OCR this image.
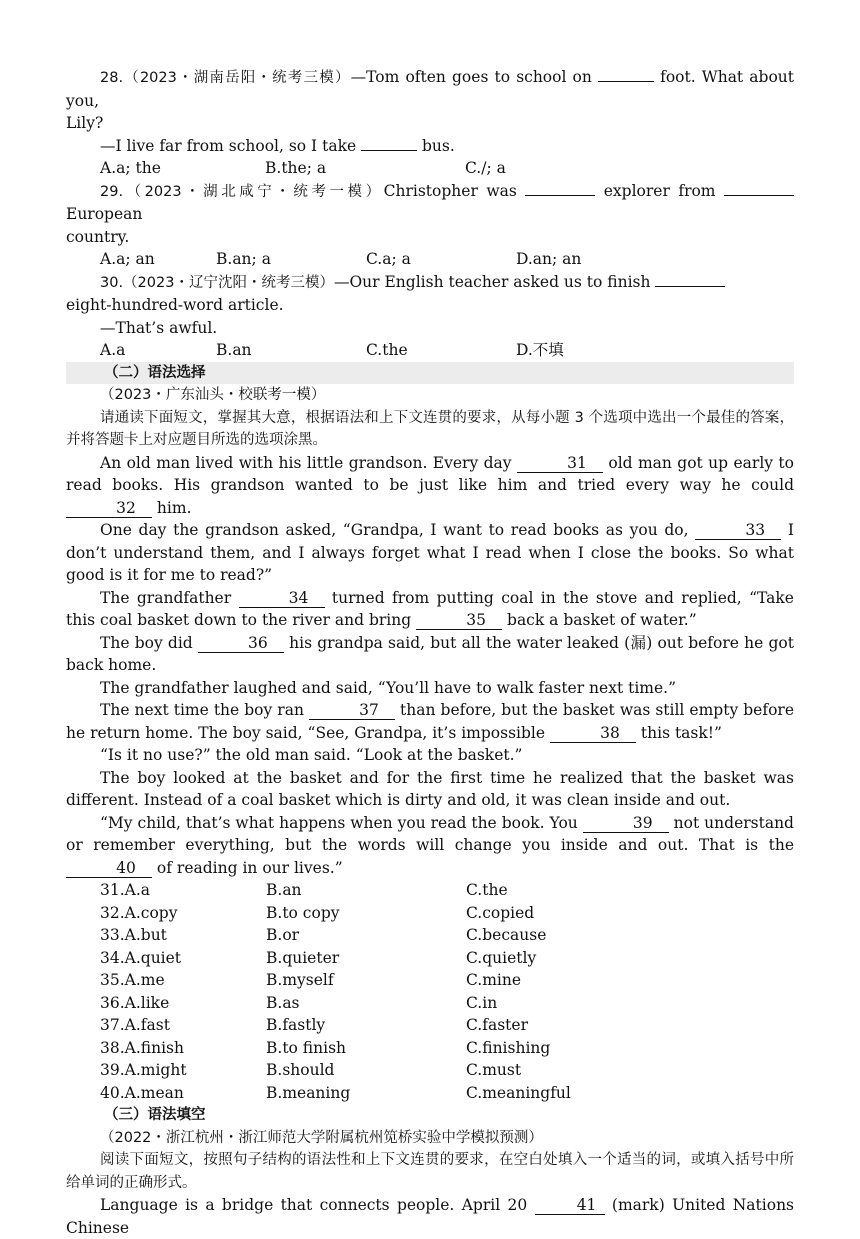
28.（2023・湖南岳阳・统考三模）—Tom often goes to school on	foot. What about you,

Lily?

—I live far from school, so I take	bus.

A.a; the	B.the; a	C./; a

29.（2023・湖北咸宁・统考一模）Christopher was	explorer from  European

country.

A.a; an	B.an; a	C.a; a	D.an; an

30.（2023・辽宁沈阳・统考三模）—Our English teacher asked us to finish

eight-hundred-word article.

—That’s awful.

A.a	B.an	C.the	D.不填

（二）语法选择

（2023・广东汕头・校联考一模）

请通读下面短文，掌握其大意，根据语法和上下文连贯的要求，从每小题 3 个选项中选出一个最佳的答案，并将答题卡上对应题目所选的选项涂黑。

An old man lived with his little grandson. Every day	31 old man got up early to read books. His grandson wanted to be just like him and tried every way he could 32 him.

One day the grandson asked, “Grandpa, I want to read books as you do,	33 I don’t understand them, and I always forget what I read when I close the books. So what good is it for me to read?”

The grandfather	34 turned from putting coal in the stove and replied, “Take this coal basket down to the river and bring	35 back a basket of water.”

The boy did	36 his grandpa said, but all the water leaked (漏) out before he got back home.

The grandfather laughed and said, “You’ll have to walk faster next time.”

The next time the boy ran	37 than before, but the basket was still empty before he return home. The boy said, “See, Grandpa, it’s impossible	38 this task!”

“Is it no use?” the old man said. “Look at the basket.”

The boy looked at the basket and for the first time he realized that the basket was different. Instead of a coal basket which is dirty and old, it was clean inside and out.

“My child, that’s what happens when you read the book. You	39 not understand or remember everything, but the words will change you inside and out. That is the 40 of reading in our lives.”

31.A.a	B.an	C.the
32.A.copy	B.to copy	C.copied
33.A.but	B.or	C.because
34.A.quiet	B.quieter	C.quietly
35.A.me	B.myself	C.mine
36.A.like	B.as	C.in
37.A.fast	B.fastly	C.faster
38.A.finish	B.to finish	C.finishing
39.A.might	B.should	C.must
40.A.mean	B.meaning	C.meaningful

（三）语法填空

（2022・浙江杭州・浙江师范大学附属杭州笕桥实验中学模拟预测）

阅读下面短文，按照句子结构的语法性和上下文连贯的要求，在空白处填入一个适当的词，或填入括号中所给单词的正确形式。

Language is a bridge that connects people. April 20	41 (mark) United Nations Chinese
